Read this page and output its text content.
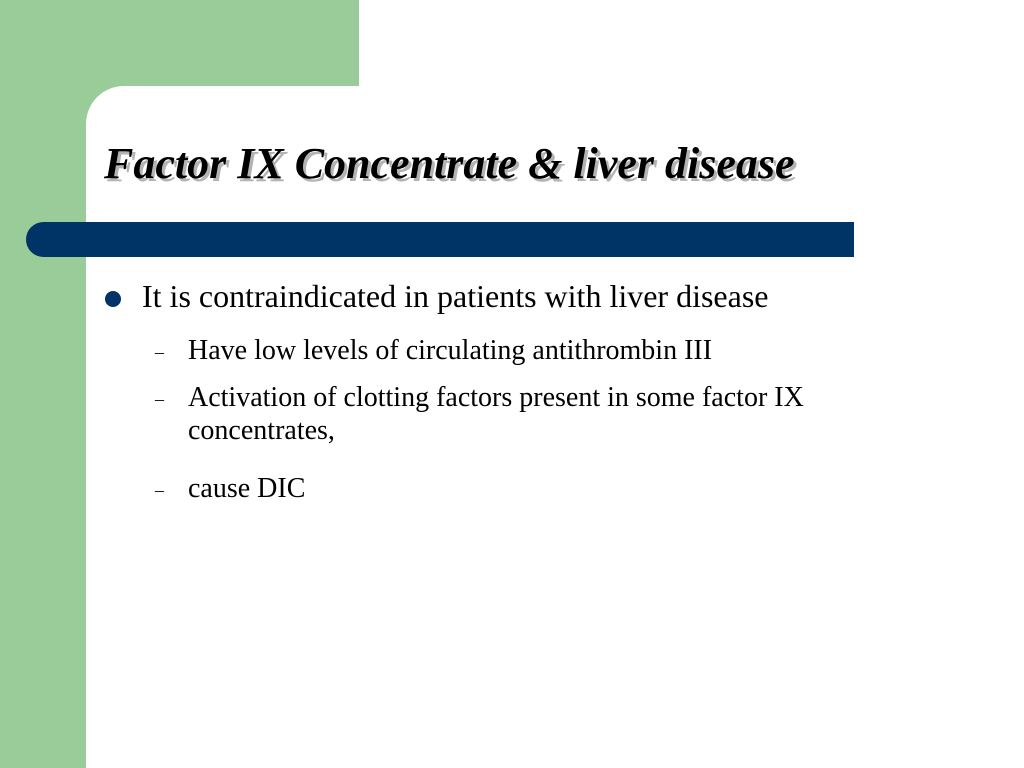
Factor IX Concentrate & liver disease
It is contraindicated in patients with liver disease
– Have low levels of circulating antithrombin III
– Activation of clotting factors present in some factor IX concentrates,
– cause DIC
